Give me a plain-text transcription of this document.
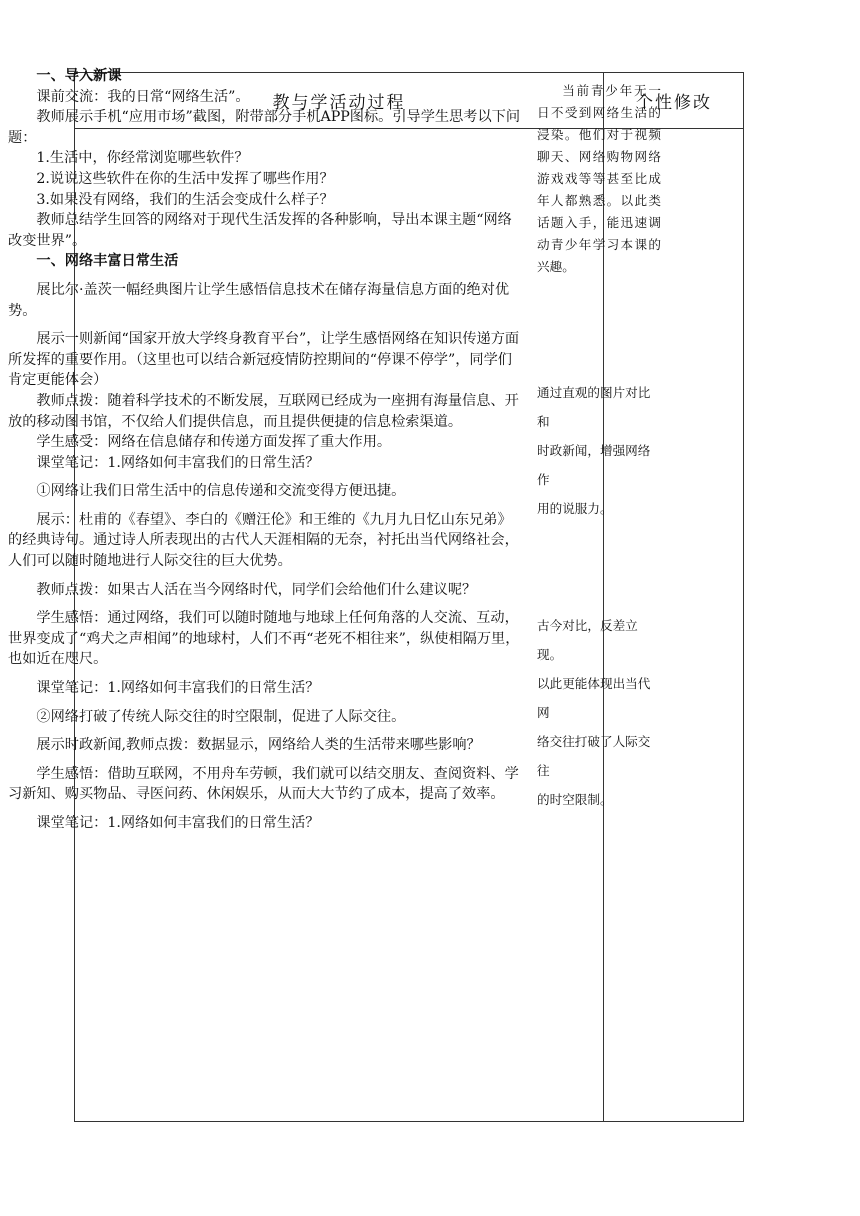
教与学活动过程	个性修改

一、导入新课

课前交流：我的日常“网络生活”。

教师展示手机“应用市场”截图，附带部分手机APP图标。引导学生思考以下问题：

1.生活中，你经常浏览哪些软件？

2.说说这些软件在你的生活中发挥了哪些作用？

3.如果没有网络，我们的生活会变成什么样子？

教师总结学生回答的网络对于现代生活发挥的各种影响，导出本课主题“网络改变世界”。

一、网络丰富日常生活

展比尔·盖茨一幅经典图片让学生感悟信息技术在储存海量信息方面的绝对优势。

展示一则新闻“国家开放大学终身教育平台”，让学生感悟网络在知识传递方面所发挥的重要作用。（这里也可以结合新冠疫情防控期间的“停课不停学”，同学们肯定更能体会）

教师点拨：随着科学技术的不断发展，互联网已经成为一座拥有海量信息、开放的移动图书馆，不仅给人们提供信息，而且提供便捷的信息检索渠道。

学生感受：网络在信息储存和传递方面发挥了重大作用。

课堂笔记：1.网络如何丰富我们的日常生活？

①网络让我们日常生活中的信息传递和交流变得方便迅捷。

展示：杜甫的《春望》、李白的《赠汪伦》和王维的《九月九日忆山东兄弟》的经典诗句。通过诗人所表现出的古代人天涯相隔的无奈，衬托出当代网络社会，人们可以随时随地进行人际交往的巨大优势。

教师点拨：如果古人活在当今网络时代，同学们会给他们什么建议呢？

学生感悟：通过网络，我们可以随时随地与地球上任何角落的人交流、互动，世界变成了“鸡犬之声相闻”的地球村，人们不再“老死不相往来”，纵使相隔万里，也如近在咫尺。

课堂笔记：1.网络如何丰富我们的日常生活？

②网络打破了传统人际交往的时空限制，促进了人际交往。

展示时政新闻,教师点拨：数据显示，网络给人类的生活带来哪些影响？

学生感悟：借助互联网，不用舟车劳顿，我们就可以结交朋友、查阅资料、学习新知、购买物品、寻医问药、休闲娱乐，从而大大节约了成本，提高了效率。

课堂笔记：1.网络如何丰富我们的日常生活？

当前青少年无一日不受到网络生活的浸染。他们对于视频聊天、网络购物网络游戏戏等等甚至比成年人都熟悉。以此类话题入手，能迅速调动青少年学习本课的兴趣。

通过直观的图片对比和

时政新闻，增强网络作

用的说服力。

古今对比，反差立现。

以此更能体现出当代网

络交往打破了人际交往

的时空限制。
